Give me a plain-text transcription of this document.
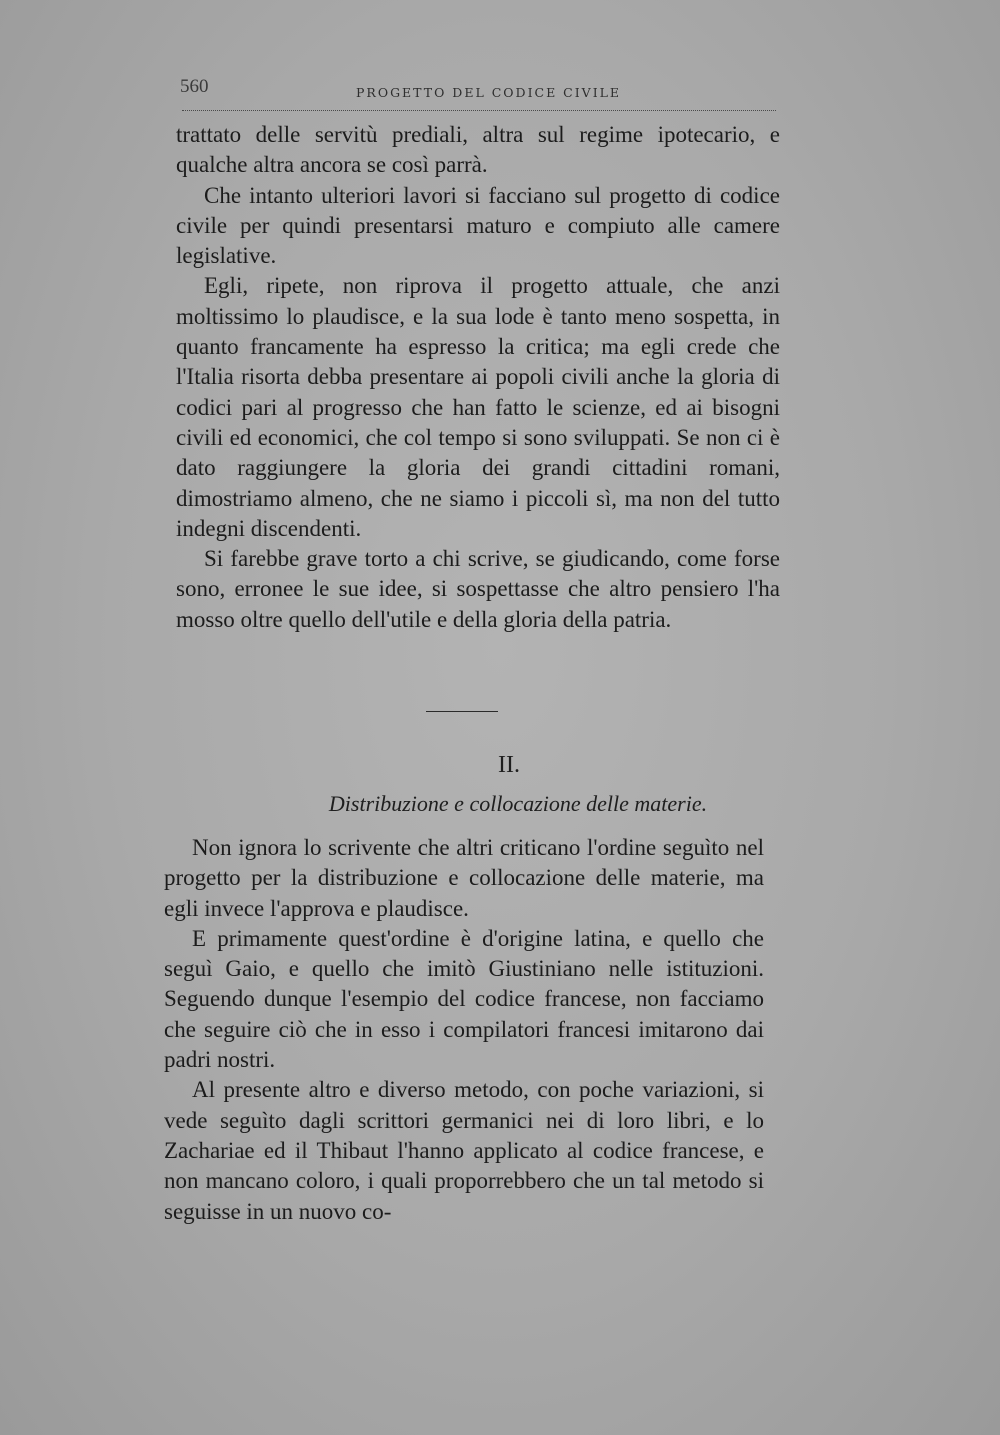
560	PROGETTO DEL CODICE CIVILE

trattato delle servitù prediali, altra sul regime ipotecario, e qualche altra ancora se così parrà.

Che intanto ulteriori lavori si facciano sul progetto di codice civile per quindi presentarsi maturo e compiuto alle camere legislative.

Egli, ripete, non riprova il progetto attuale, che anzi moltissimo lo plaudisce, e la sua lode è tanto meno sospetta, in quanto francamente ha espresso la critica; ma egli crede che l'Italia risorta debba presentare ai popoli civili anche la gloria di codici pari al progresso che han fatto le scienze, ed ai bisogni civili ed economici, che col tempo si sono sviluppati. Se non ci è dato raggiungere la gloria dei grandi cittadini romani, dimostriamo almeno, che ne siamo i piccoli sì, ma non del tutto indegni discendenti.

Si farebbe grave torto a chi scrive, se giudicando, come forse sono, erronee le sue idee, si sospettasse che altro pensiero l'ha mosso oltre quello dell'utile e della gloria della patria.

II.
Distribuzione e collocazione delle materie.

Non ignora lo scrivente che altri criticano l'ordine seguìto nel progetto per la distribuzione e collocazione delle materie, ma egli invece l'approva e plaudisce.

E primamente quest'ordine è d'origine latina, e quello che seguì Gaio, e quello che imitò Giustiniano nelle istituzioni. Seguendo dunque l'esempio del codice francese, non facciamo che seguire ciò che in esso i compilatori francesi imitarono dai padri nostri.

Al presente altro e diverso metodo, con poche variazioni, si vede seguìto dagli scrittori germanici nei di loro libri, e lo Zachariae ed il Thibaut l'hanno applicato al codice francese, e non mancano coloro, i quali proporrebbero che un tal metodo si seguisse in un nuovo co-
